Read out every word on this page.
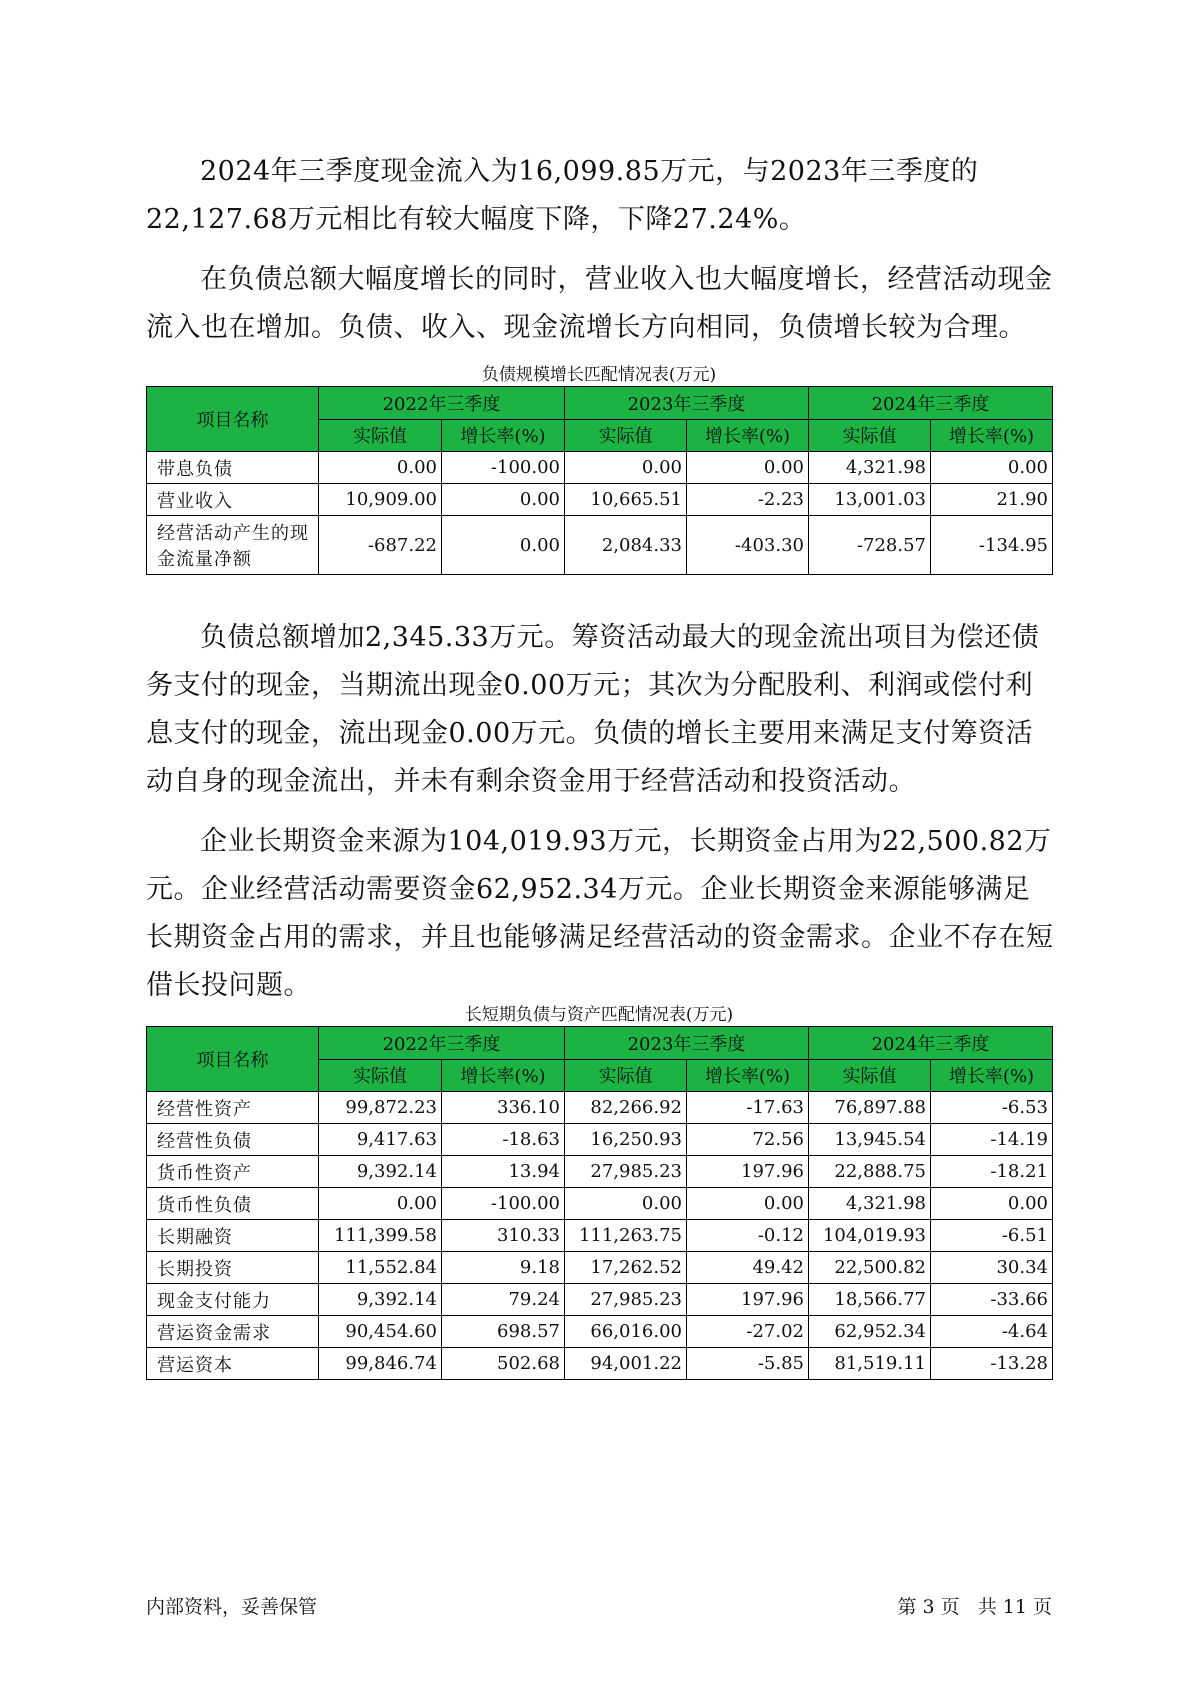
2024年三季度现金流入为16,099.85万元，与2023年三季度的22,127.68万元相比有较大幅度下降，下降27.24%。

在负债总额大幅度增长的同时，营业收入也大幅度增长，经营活动现金流入也在增加。负债、收入、现金流增长方向相同，负债增长较为合理。

负债规模增长匹配情况表(万元)
项目名称	2022年三季度		2023年三季度		2024年三季度	
	实际值	增长率(%)	实际值	增长率(%)	实际值	增长率(%)
带息负债	0.00	-100.00	0.00	0.00	4,321.98	0.00
营业收入	10,909.00	0.00	10,665.51	-2.23	13,001.03	21.90
经营活动产生的现金流量净额	-687.22	0.00	2,084.33	-403.30	-728.57	-134.95

负债总额增加2,345.33万元。筹资活动最大的现金流出项目为偿还债务支付的现金，当期流出现金0.00万元；其次为分配股利、利润或偿付利息支付的现金，流出现金0.00万元。负债的增长主要用来满足支付筹资活动自身的现金流出，并未有剩余资金用于经营活动和投资活动。

企业长期资金来源为104,019.93万元，长期资金占用为22,500.82万元。企业经营活动需要资金62,952.34万元。企业长期资金来源能够满足长期资金占用的需求，并且也能够满足经营活动的资金需求。企业不存在短借长投问题。

长短期负债与资产匹配情况表(万元)
项目名称	2022年三季度		2023年三季度		2024年三季度	
	实际值	增长率(%)	实际值	增长率(%)	实际值	增长率(%)
经营性资产	99,872.23	336.10	82,266.92	-17.63	76,897.88	-6.53
经营性负债	9,417.63	-18.63	16,250.93	72.56	13,945.54	-14.19
货币性资产	9,392.14	13.94	27,985.23	197.96	22,888.75	-18.21
货币性负债	0.00	-100.00	0.00	0.00	4,321.98	0.00
长期融资	111,399.58	310.33	111,263.75	-0.12	104,019.93	-6.51
长期投资	11,552.84	9.18	17,262.52	49.42	22,500.82	30.34
现金支付能力	9,392.14	79.24	27,985.23	197.96	18,566.77	-33.66
营运资金需求	90,454.60	698.57	66,016.00	-27.02	62,952.34	-4.64
营运资本	99,846.74	502.68	94,001.22	-5.85	81,519.11	-13.28
内部资料，妥善保管	第 3 页   共 11 页
